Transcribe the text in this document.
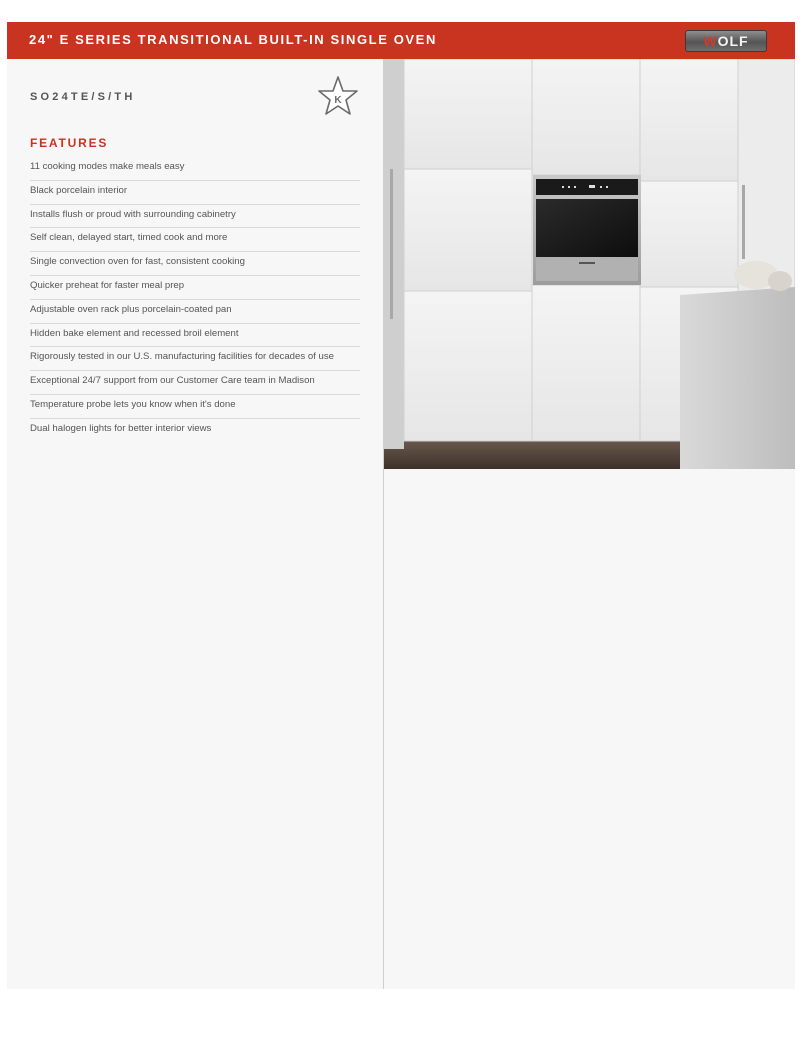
24" E SERIES TRANSITIONAL BUILT-IN SINGLE OVEN	WOLF
SO24TE/S/TH	K
FEATURES
11 cooking modes make meals easy
Black porcelain interior
Installs flush or proud with surrounding cabinetry
Self clean, delayed start, timed cook and more
Single convection oven for fast, consistent cooking
Quicker preheat for faster meal prep
Adjustable oven rack plus porcelain-coated pan
Hidden bake element and recessed broil element
Rigorously tested in our U.S. manufacturing facilities for decades of use
Exceptional 24/7 support from our Customer Care team in Madison
Temperature probe lets you know when it's done
Dual halogen lights for better interior views
